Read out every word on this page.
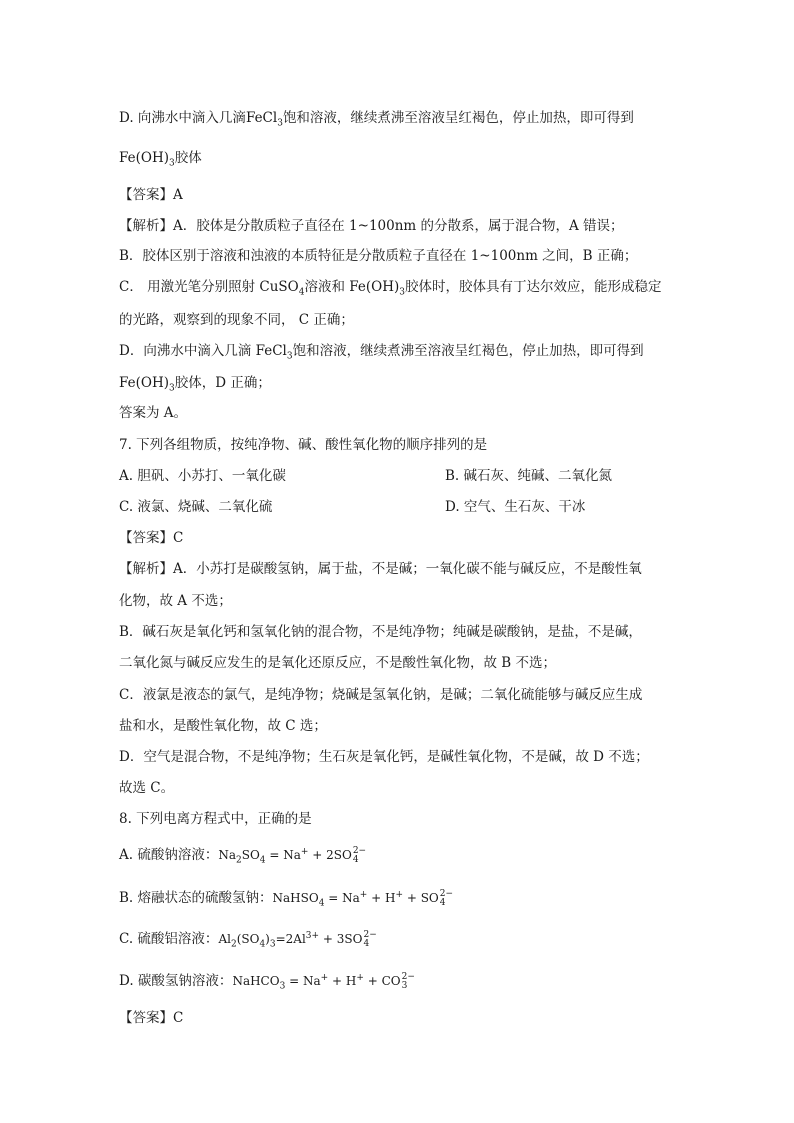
D. 向沸水中滴入几滴FeCl$_3$饱和溶液，继续煮沸至溶液呈红褐色，停止加热，即可得到
$Fe(OH)_3$胶体
【答案】A
【解析】A．胶体是分散质粒子直径在 1~100nm 的分散系，属于混合物，A 错误；
B．胶体区别于溶液和浊液的本质特征是分散质粒子直径在 1~100nm 之间，B 正确；
C． 用激光笔分别照射 CuSO$_4$溶液和 $Fe(OH)_3$胶体时，胶体具有丁达尔效应，能形成稳定
的光路，观察到的现象不同， C 正确；
D．向沸水中滴入几滴 FeCl$_3$饱和溶液，继续煮沸至溶液呈红褐色，停止加热，即可得到
$Fe(OH)_3$胶体，D 正确；
答案为 A。
7. 下列各组物质，按纯净物、碱、酸性氧化物的顺序排列的是
A. 胆矾、小苏打、一氧化碳	B. 碱石灰、纯碱、二氧化氮
C. 液氯、烧碱、二氧化硫	D. 空气、生石灰、干冰
【答案】C
【解析】A．小苏打是碳酸氢钠，属于盐，不是碱；一氧化碳不能与碱反应，不是酸性氧
化物，故 A 不选；
B．碱石灰是氧化钙和氢氧化钠的混合物，不是纯净物；纯碱是碳酸钠，是盐，不是碱，
二氧化氮与碱反应发生的是氧化还原反应，不是酸性氧化物，故 B 不选；
C．液氯是液态的氯气，是纯净物；烧碱是氢氧化钠，是碱；二氧化硫能够与碱反应生成
盐和水，是酸性氧化物，故 C 选；
D．空气是混合物，不是纯净物；生石灰是氧化钙，是碱性氧化物，不是碱，故 D 不选；
故选 C。
8. 下列电离方程式中，正确的是
A. 硫酸钠溶液：$Na_2SO_4 = Na^+ + 2SO$ 2−
4
B. 熔融状态的硫酸氢钠：NaHSO$_4$ = Na+ + H+ + SO 2−
4
C. 硫酸铝溶液：$Al_2(SO_4)_3=2Al^{3+} + 3SO$ 2−
4
D. 碳酸氢钠溶液：NaHCO$_3$ = Na+ + H+ + CO 2−
3
【答案】C
